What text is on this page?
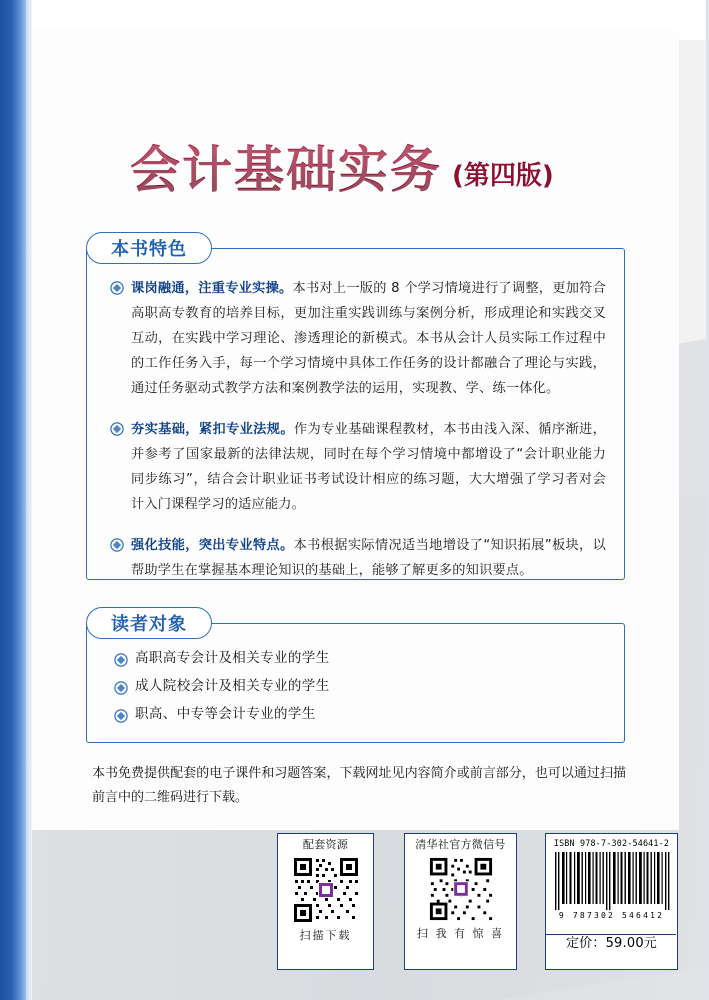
会计基础实务 (第四版)
本书特色
课岗融通，注重专业实操。本书对上一版的 8 个学习情境进行了调整，更加符合高职高专教育的培养目标，更加注重实践训练与案例分析，形成理论和实践交叉互动，在实践中学习理论、渗透理论的新模式。本书从会计人员实际工作过程中的工作任务入手，每一个学习情境中具体工作任务的设计都融合了理论与实践，通过任务驱动式教学方法和案例教学法的运用，实现教、学、练一体化。
夯实基础，紧扣专业法规。作为专业基础课程教材，本书由浅入深、循序渐进，并参考了国家最新的法律法规，同时在每个学习情境中都增设了“会计职业能力同步练习”，结合会计职业证书考试设计相应的练习题，大大增强了学习者对会计入门课程学习的适应能力。
强化技能，突出专业特点。本书根据实际情况适当地增设了“知识拓展”板块，以帮助学生在掌握基本理论知识的基础上，能够了解更多的知识要点。
读者对象
高职高专会计及相关专业的学生
成人院校会计及相关专业的学生
职高、中专等会计专业的学生
本书免费提供配套的电子课件和习题答案，下载网址见内容简介或前言部分，也可以通过扫描前言中的二维码进行下载。
配套资源
扫描下载
清华社官方微信号
扫 我 有 惊 喜
ISBN 978-7-302-54641-2
9 787302 546412
定价：59.00元
